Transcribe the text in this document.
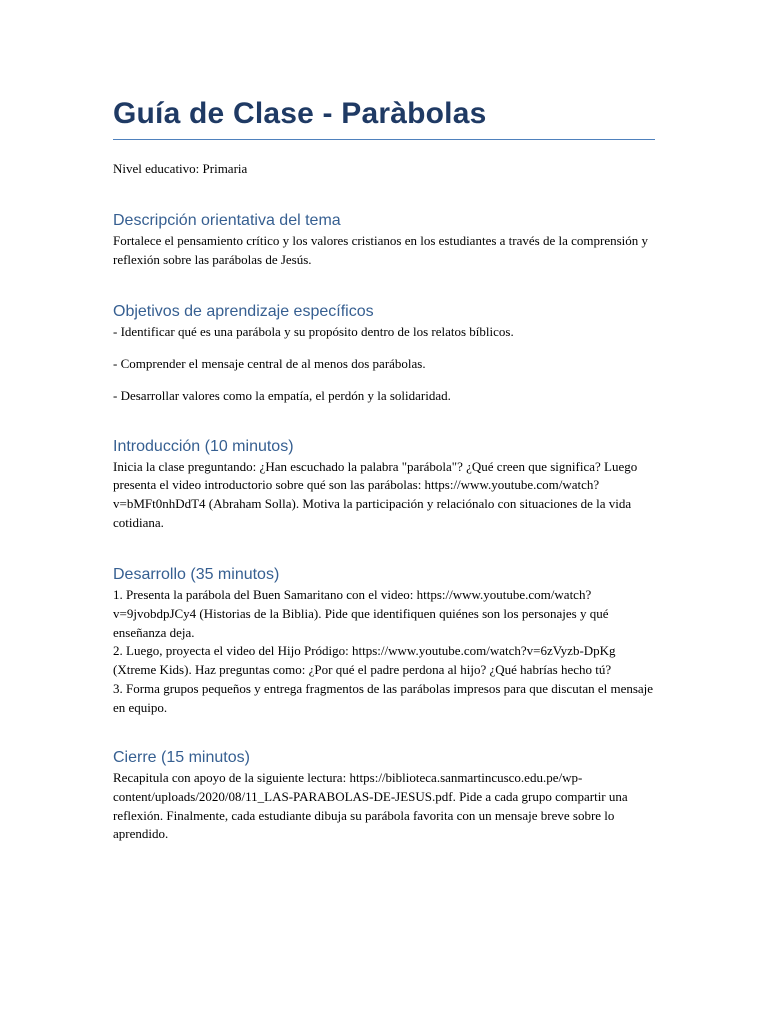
Guía de Clase - Paràbolas

Nivel educativo: Primaria

Descripción orientativa del tema

Fortalece el pensamiento crítico y los valores cristianos en los estudiantes a través de la comprensión y reflexión sobre las parábolas de Jesús.

Objetivos de aprendizaje específicos

- Identificar qué es una parábola y su propósito dentro de los relatos bíblicos.

- Comprender el mensaje central de al menos dos parábolas.

- Desarrollar valores como la empatía, el perdón y la solidaridad.

Introducción (10 minutos)

Inicia la clase preguntando: ¿Han escuchado la palabra "parábola"? ¿Qué creen que significa? Luego presenta el video introductorio sobre qué son las parábolas: https://www.youtube.com/watch?v=bMFt0nhDdT4 (Abraham Solla). Motiva la participación y relaciónalo con situaciones de la vida cotidiana.

Desarrollo (35 minutos)

1. Presenta la parábola del Buen Samaritano con el video: https://www.youtube.com/watch?v=9jvobdpJCy4 (Historias de la Biblia). Pide que identifiquen quiénes son los personajes y qué enseñanza deja.

2. Luego, proyecta el video del Hijo Pródigo: https://www.youtube.com/watch?v=6zVyzb-DpKg (Xtreme Kids). Haz preguntas como: ¿Por qué el padre perdona al hijo? ¿Qué habrías hecho tú?

3. Forma grupos pequeños y entrega fragmentos de las parábolas impresos para que discutan el mensaje en equipo.

Cierre (15 minutos)

Recapitula con apoyo de la siguiente lectura: https://biblioteca.sanmartincusco.edu.pe/wp-content/uploads/2020/08/11_LAS-PARABOLAS-DE-JESUS.pdf. Pide a cada grupo compartir una reflexión. Finalmente, cada estudiante dibuja su parábola favorita con un mensaje breve sobre lo aprendido.
